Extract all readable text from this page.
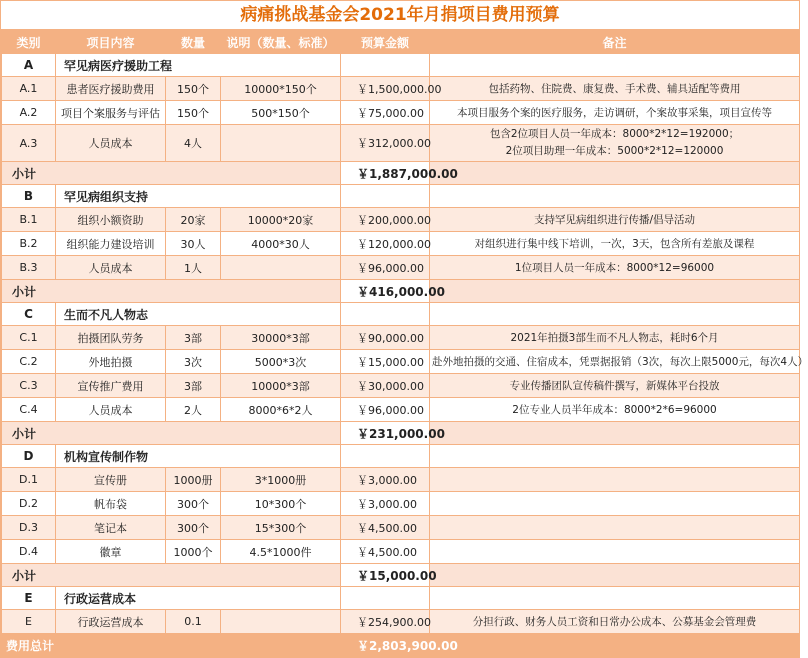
病痛挑战基金会2021年月捐项目费用预算
类别	项目内容	数量	说明（数量、标准）	预算金额	备注
A	罕见病医疗援助工程				
A.1	患者医疗援助费用	150个	10000*150个	￥1,500,000.00	包括药物、住院费、康复费、手术费、辅具适配等费用

A.2	项目个案服务与评估	150个	500*150个	￥75,000.00	本项目服务个案的医疗服务，走访调研，个案故事采集，项目宣传等

A.3	人员成本	4人		￥312,000.00	包含2位项目人员一年成本：8000*2*12=192000；
2位项目助理一年成本：5000*2*12=120000

小计				￥1,887,000.00	
B	罕见病组织支持				
B.1	组织小额资助	20家	10000*20家	￥200,000.00	支持罕见病组织进行传播/倡导活动

B.2	组织能力建设培训	30人	4000*30人	￥120,000.00	对组织进行集中线下培训，一次，3天，包含所有差旅及课程

B.3	人员成本	1人		￥96,000.00	1位项目人员一年成本：8000*12=96000

小计				￥416,000.00	
C	生而不凡人物志				
C.1	拍摄团队劳务	3部	30000*3部	￥90,000.00	2021年拍摄3部生而不凡人物志，耗时6个月

C.2	外地拍摄	3次	5000*3次	￥15,000.00	赴外地拍摄的交通、住宿成本，凭票据报销（3次，每次上限5000元，每次4人）

C.3	宣传推广费用	3部	10000*3部	￥30,000.00	专业传播团队宣传稿件撰写，新媒体平台投放

C.4	人员成本	2人	8000*6*2人	￥96,000.00	2位专业人员半年成本：8000*2*6=96000

小计				￥231,000.00	
D	机构宣传制作物				
D.1	宣传册	1000册	3*1000册	￥3,000.00	

D.2	帆布袋	300个	10*300个	￥3,000.00	

D.3	笔记本	300个	15*300个	￥4,500.00	

D.4	徽章	1000个	4.5*1000件	￥4,500.00	

小计				￥15,000.00	
E	行政运营成本				
E	行政运营成本	0.1		￥254,900.00	分担行政、财务人员工资和日常办公成本、公募基金会管理费

费用总计				￥2,803,900.00	
